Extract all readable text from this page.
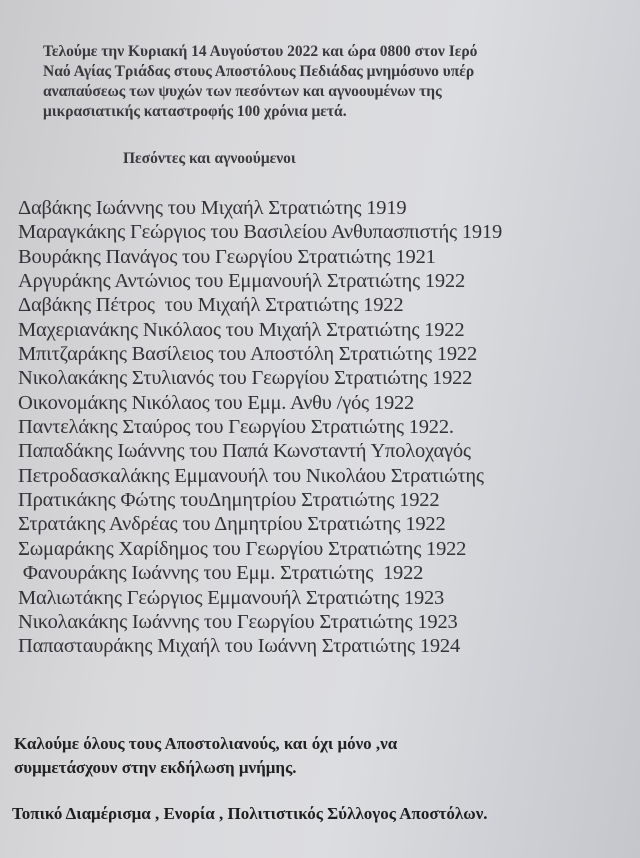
Τελούμε την Κυριακή 14 Αυγούστου 2022 και ώρα 0800 στον Ιερό

Ναό Αγίας Τριάδας στους Αποστόλους Πεδιάδας μνημόσυνο υπέρ

αναπαύσεως των ψυχών των πεσόντων και αγνοουμένων της

μικρασιατικής καταστροφής 100 χρόνια μετά.

Πεσόντες και αγνοούμενοι
Δαβάκης Ιωάννης του Μιχαήλ Στρατιώτης 1919
Μαραγκάκης Γεώργιος του Βασιλείου Ανθυπασπιστής 1919
Βουράκης Πανάγος του Γεωργίου Στρατιώτης 1921
Αργυράκης Αντώνιος του Εμμανουήλ Στρατιώτης 1922
Δαβάκης Πέτρος  του Μιχαήλ Στρατιώτης 1922
Μαχεριανάκης Νικόλαος του Μιχαήλ Στρατιώτης 1922
Μπιτζαράκης Βασίλειος του Αποστόλη Στρατιώτης 1922
Νικολακάκης Στυλιανός του Γεωργίου Στρατιώτης 1922
Οικονομάκης Νικόλαος του Εμμ. Ανθυ /γός 1922
Παντελάκης Σταύρος του Γεωργίου Στρατιώτης 1922.
Παπαδάκης Ιωάννης του Παπά Κωνσταντή Υπολοχαγός
Πετροδασκαλάκης Εμμανουήλ του Νικολάου Στρατιώτης
Πρατικάκης Φώτης τουΔημητρίου Στρατιώτης 1922
Στρατάκης Ανδρέας του Δημητρίου Στρατιώτης 1922
Σωμαράκης Χαρίδημος του Γεωργίου Στρατιώτης 1922
Φανουράκης Ιωάννης του Εμμ. Στρατιώτης  1922
Μαλιωτάκης Γεώργιος Εμμανουήλ Στρατιώτης 1923
Νικολακάκης Ιωάννης του Γεωργίου Στρατιώτης 1923
Παπασταυράκης Μιχαήλ του Ιωάννη Στρατιώτης 1924

Καλούμε όλους τους Αποστολιανούς, και όχι μόνο ,να

συμμετάσχουν στην εκδήλωση μνήμης.

Τοπικό Διαμέρισμα , Ενορία , Πολιτιστικός Σύλλογος Αποστόλων.
